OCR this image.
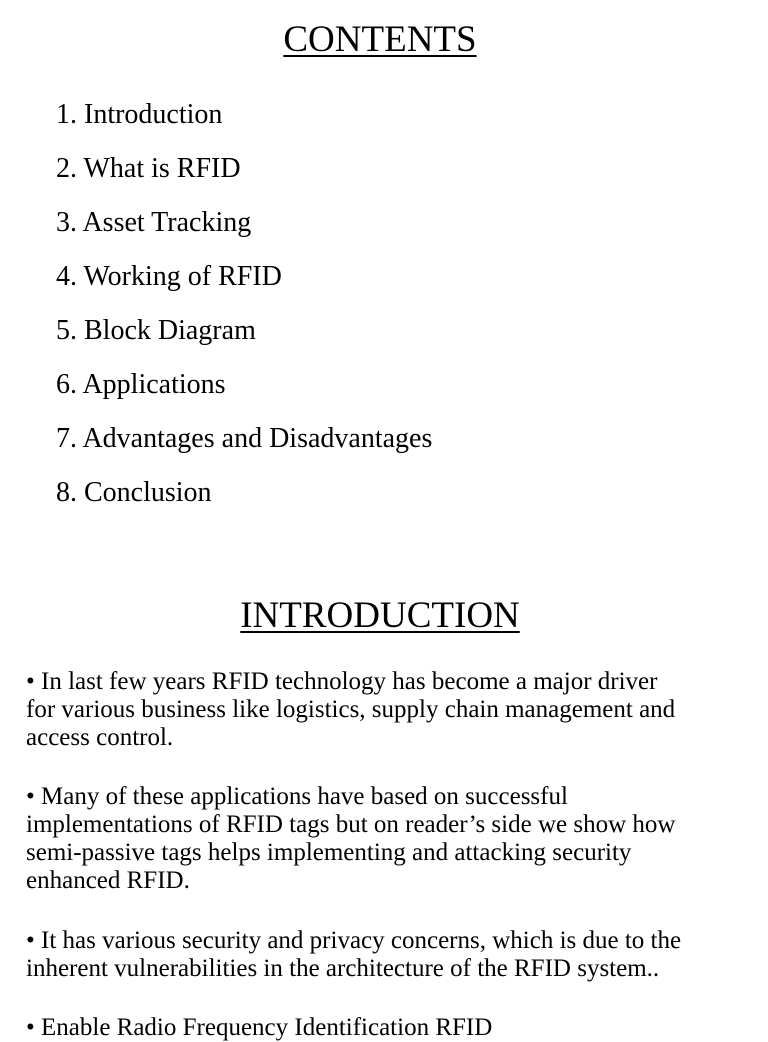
CONTENTS
1. Introduction
2. What is RFID
3. Asset Tracking
4. Working of RFID
5. Block Diagram
6. Applications
7. Advantages and Disadvantages
8. Conclusion
INTRODUCTION
• In last few years RFID technology has become a major driver
for various business like logistics, supply chain management and
access control.
• Many of these applications have based on successful
implementations of RFID tags but on reader’s side we show how
semi-passive tags helps implementing and attacking security
enhanced RFID.
• It has various security and privacy concerns, which is due to the
inherent vulnerabilities in the architecture of the RFID system..
• Enable Radio Frequency Identification RFID
